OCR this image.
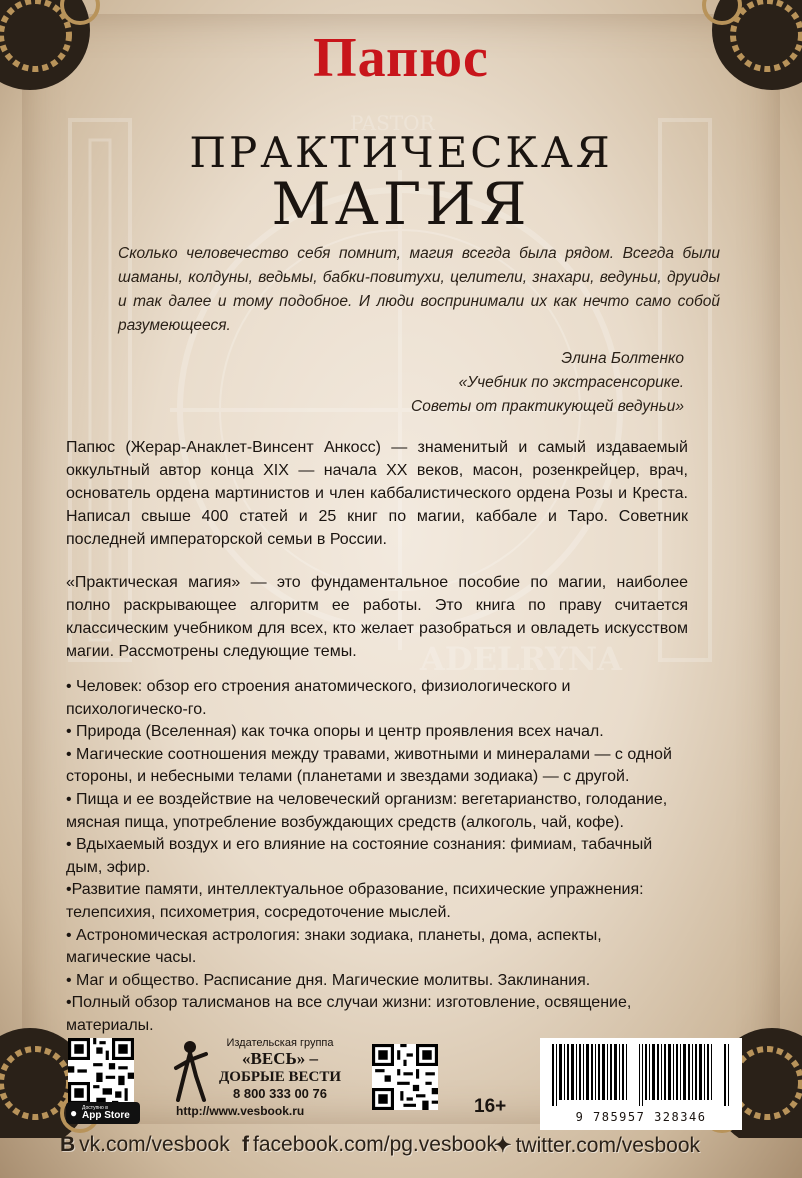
PASTOR
ADELRYNA
Папюс
ПРАКТИЧЕСКАЯ
МАГИЯ
Сколько человечество себя помнит, магия всегда была рядом. Всегда были шаманы, колдуны, ведьмы, бабки-повитухи, целители, знахари, ведуньи, друиды и так далее и тому подобное. И люди воспринимали их как нечто само собой разумеющееся.
Элина Болтенко
«Учебник по экстрасенсорике.
Советы от практикующей ведуньи»
Папюс (Жерар-Анаклет-Винсент Анкосс) — знаменитый и самый издаваемый оккультный автор конца XIX — начала XX веков, масон, розенкрейцер, врач, основатель ордена мартинистов и член каббалистического ордена Розы и Креста. Написал свыше 400 статей и 25 книг по магии, каббале и Таро. Советник последней императорской семьи в России.
«Практическая магия» — это фундаментальное пособие по магии, наиболее полно раскрывающее алгоритм ее работы. Это книга по праву считается классическим учебником для всех, кто желает разобраться и овладеть искусством магии. Рассмотрены следующие темы.
• Человек: обзор его строения анатомического, физиологического и психологическо-го.
• Природа (Вселенная) как точка опоры и центр проявления всех начал.
• Магические соотношения между травами, животными и минералами — с одной стороны, и небесными телами (планетами и звездами зодиака) — с другой.
• Пища и ее воздействие на человеческий организм: вегетарианство, голодание, мясная пища, употребление возбуждающих средств (алкоголь, чай, кофе).
• Вдыхаемый воздух и его влияние на состояние сознания: фимиам, табачный дым, эфир.
•Развитие памяти, интеллектуальное образование, психические упражнения: телепсихия, психометрия, сосредоточение мыслей.
• Астрономическая астрология: знаки зодиака, планеты, дома, аспекты, магические часы.
• Маг и общество. Расписание дня. Магические молитвы. Заклинания.
•Полный обзор талисманов на все случаи жизни: изготовление, освящение, материалы.
● Доступно в
App Store
Издательская группа
«ВЕСЬ» –
ДОБРЫЕ ВЕСТИ
8 800 333 00 76
http://www.vesbook.ru	16+	9 785957 328346
B vk.com/vesbook f facebook.com/pg.vesbook
✦ twitter.com/vesbook
